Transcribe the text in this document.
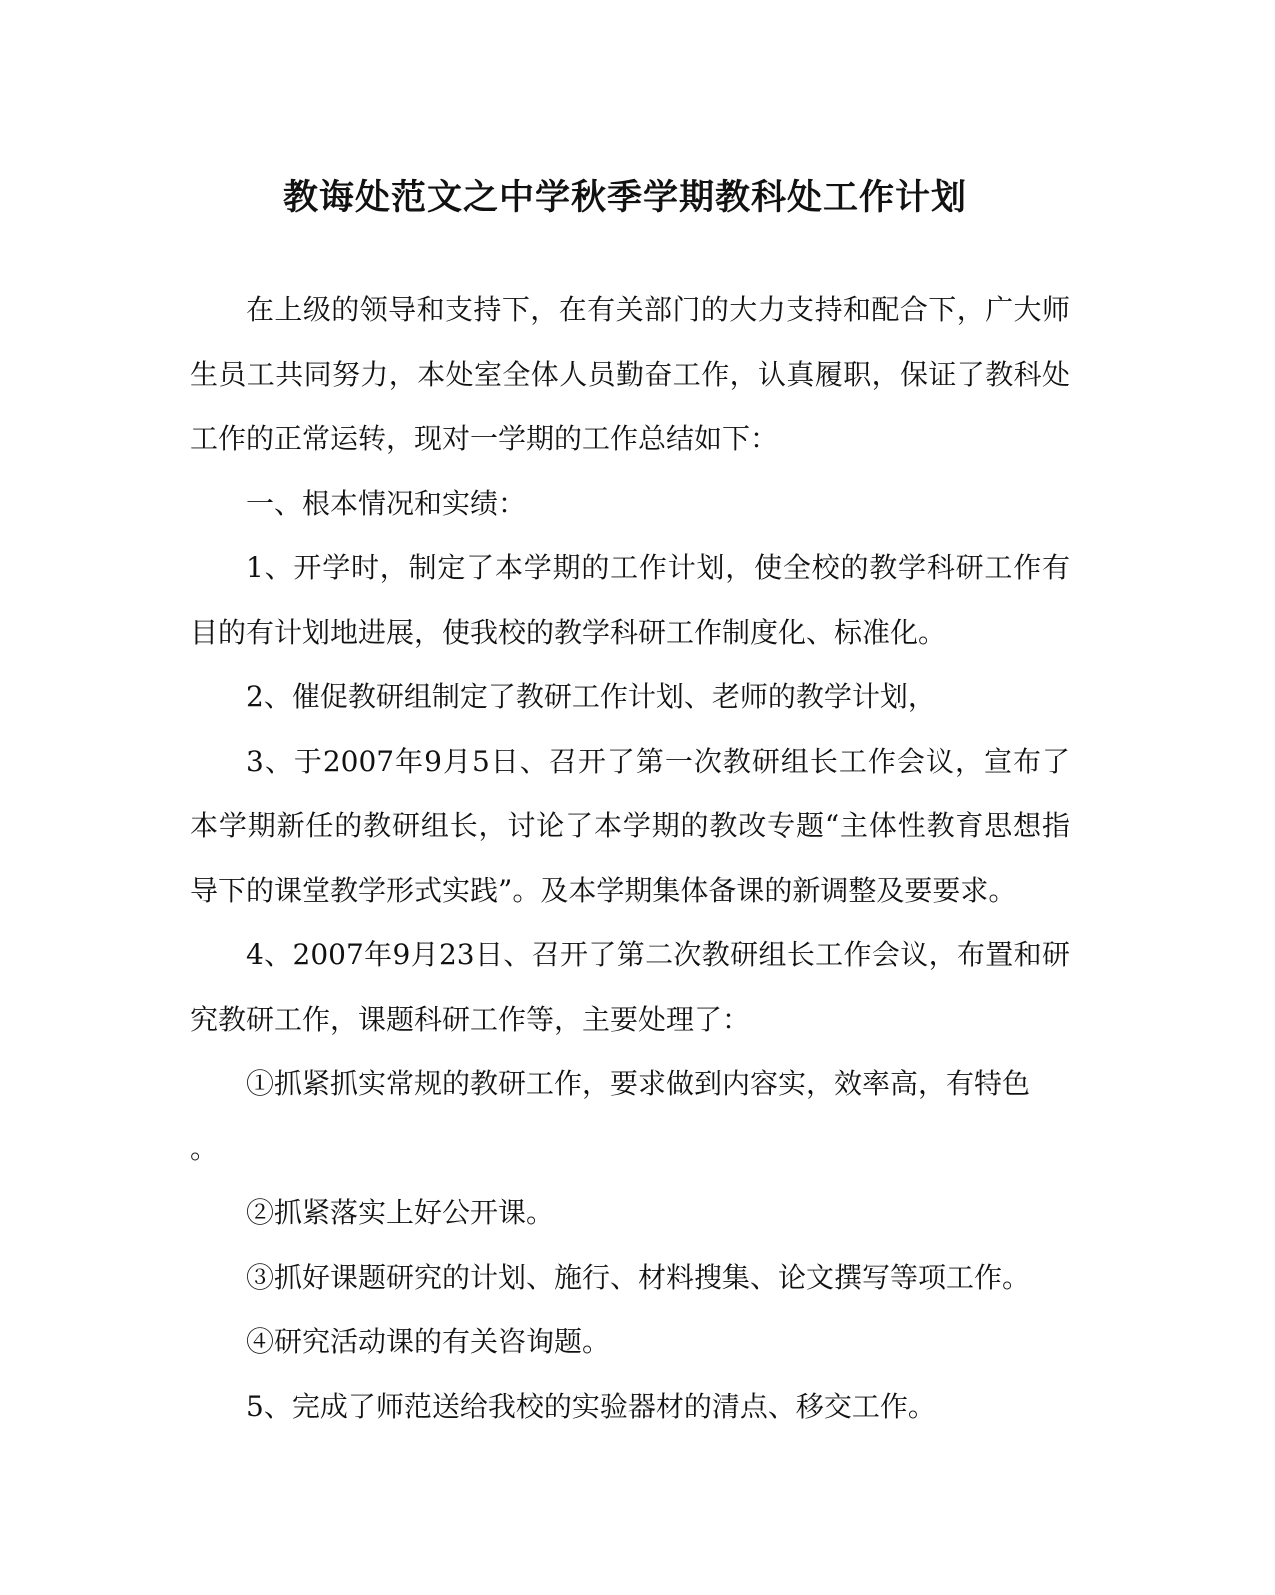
教诲处范文之中学秋季学期教科处工作计划

在上级的领导和支持下，在有关部门的大力支持和配合下，广大师生员工共同努力，本处室全体人员勤奋工作，认真履职，保证了教科处工作的正常运转，现对一学期的工作总结如下：

一、根本情况和实绩：

1、开学时，制定了本学期的工作计划，使全校的教学科研工作有目的有计划地进展，使我校的教学科研工作制度化、标准化。

2、催促教研组制定了教研工作计划、老师的教学计划，

3、于2007年9月5日、召开了第一次教研组长工作会议，宣布了本学期新任的教研组长，讨论了本学期的教改专题“主体性教育思想指导下的课堂教学形式实践”。及本学期集体备课的新调整及要要求。

4、2007年9月23日、召开了第二次教研组长工作会议，布置和研究教研工作，课题科研工作等，主要处理了：

①抓紧抓实常规的教研工作，要求做到内容实，效率高，有特色

。

②抓紧落实上好公开课。

③抓好课题研究的计划、施行、材料搜集、论文撰写等项工作。

④研究活动课的有关咨询题。

5、完成了师范送给我校的实验器材的清点、移交工作。
